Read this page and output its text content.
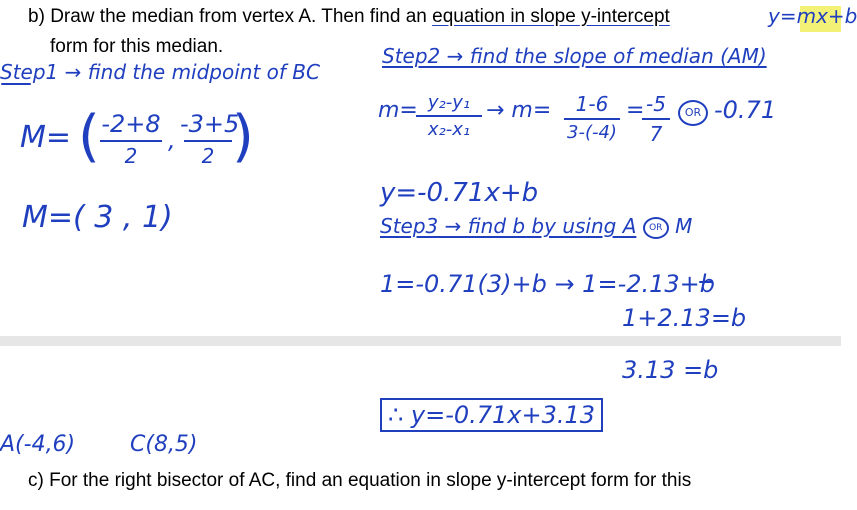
b) Draw the median from vertex A. Then find an equation in slope y-intercept	y=mx+b
form for this median.
Step1 → find the midpoint of BC
M= ( -2+8
2
,
-3+5
2 )
M=( 3 , 1)
Step2 → find the slope of median (AM)
m= y₂-y₁
x₂-x₁
→ m=	1-6
3-(-4)
= -5
7
OR -0.71
y=-0.71x+b
Step3 → find b by using A OR M
1=-0.71(3)+b → 1=-2.13+b
1+2.13=b
3.13 =b
∴ y=-0.71x+3.13
A(-4,6) C(8,5)
c) For the right bisector of AC, find an equation in slope y-intercept form for this
